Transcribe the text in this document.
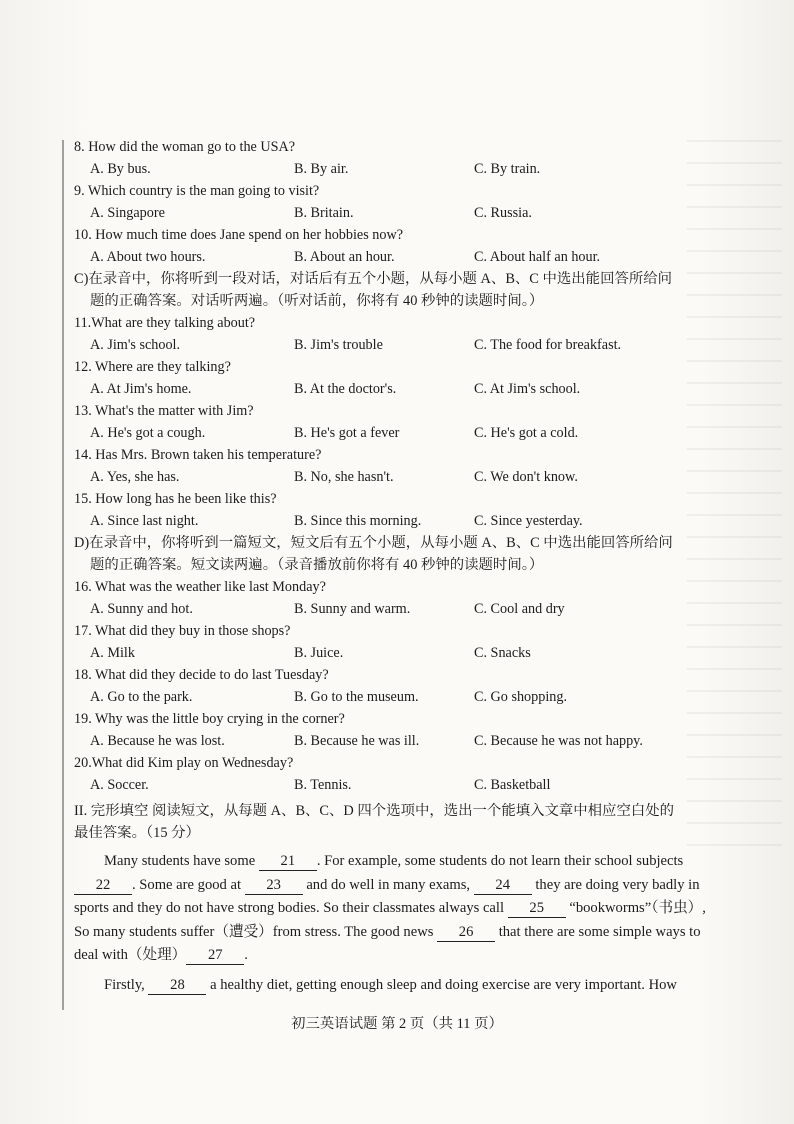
8. How did the woman go to the USA?
A. By bus.	B. By air.	C. By train.
9. Which country is the man going to visit?
A. Singapore	B. Britain.	C. Russia.
10. How much time does Jane spend on her hobbies now?
A. About two hours.	B. About an hour.	C. About half an hour.
C)在录音中，你将听到一段对话，对话后有五个小题，从每小题 A、B、C 中选出能回答所给问
题的正确答案。对话听两遍。（听对话前，你将有 40 秒钟的读题时间。）
11.What are they talking about?
A. Jim's school.	B. Jim's trouble	C. The food for breakfast.
12. Where are they talking?
A. At Jim's home.	B. At the doctor's.	C. At Jim's school.
13. What's the matter with Jim?
A. He's got a cough.	B. He's got a fever	C. He's got a cold.
14. Has Mrs. Brown taken his temperature?
A. Yes, she has.	B. No, she hasn't.	C. We don't know.
15. How long has he been like this?
A. Since last night.	B. Since this morning.	C. Since yesterday.
D)在录音中，你将听到一篇短文，短文后有五个小题，从每小题 A、B、C 中选出能回答所给问
题的正确答案。短文读两遍。（录音播放前你将有 40 秒钟的读题时间。）
16. What was the weather like last Monday?
A. Sunny and hot.	B. Sunny and warm.	C. Cool and dry
17. What did they buy in those shops?
A. Milk	B. Juice.	C. Snacks
18. What did they decide to do last Tuesday?
A. Go to the park.	B. Go to the museum.	C. Go shopping.
19. Why was the little boy crying in the corner?
A. Because he was lost.	B. Because he was ill.	C. Because he was not happy.
20.What did Kim play on Wednesday?
A. Soccer.	B. Tennis.	C. Basketball
II. 完形填空 阅读短文，从每题 A、B、C、D 四个选项中，选出一个能填入文章中相应空白处的
最佳答案。（15 分）

Many students have some 21 . For example, some students do not learn their school subjects 22 . Some are good at 23 and do well in many exams, 24 they are doing very badly in sports and they do not have strong bodies. So their classmates always call 25 “bookworms”（书虫）, So many students suffer（遭受）from stress. The good news 26 that there are some simple ways to deal with（处理） 27 .

Firstly, 28 a healthy diet, getting enough sleep and doing exercise are very important. How

初三英语试题 第 2 页（共 11 页）
